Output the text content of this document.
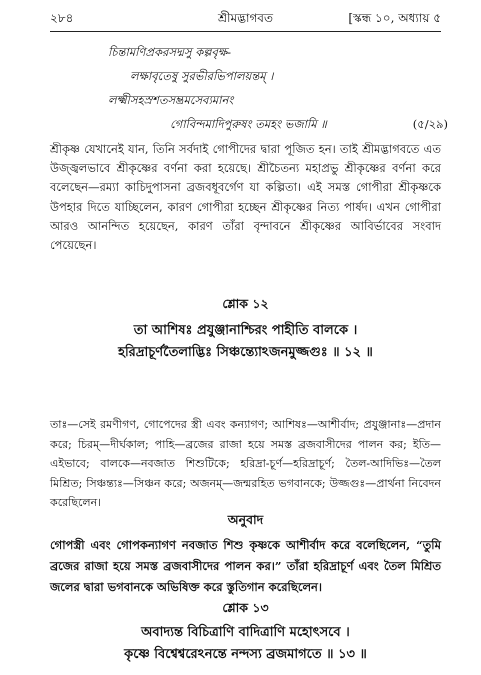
২৮৪	শ্রীমদ্ভাগবত	[স্কন্ধ ১০, অধ্যায় ৫
চিন্তামণিপ্রকরসদ্মসু কল্পবৃক্ষ-
লক্ষাবৃতেষু সুরভীরভিপালয়ন্তম্ ।
লক্ষ্মীসহস্রশতসম্ভ্রমসেব্যমানং
গোবিন্দমাদিপুরুষং তমহং ভজামি ॥	(৫/২৯)

শ্রীকৃষ্ণ যেখানেই যান, তিনি সর্বদাই গোপীদের দ্বারা পূজিত হন। তাই শ্রীমদ্ভাগবতে এত উজ্জ্বলভাবে শ্রীকৃষ্ণের বর্ণনা করা হয়েছে। শ্রীচৈতন্য মহাপ্রভু শ্রীকৃষ্ণের বর্ণনা করে বলেছেন—রম্যা কাচিদুপাসনা ব্রজবধূবর্গেণ যা কল্পিতা। এই সমস্ত গোপীরা শ্রীকৃষ্ণকে উপহার দিতে যাচ্ছিলেন, কারণ গোপীরা হচ্ছেন শ্রীকৃষ্ণের নিত্য পার্ষদ। এখন গোপীরা আরও আনন্দিত হয়েছেন, কারণ তাঁরা বৃন্দাবনে শ্রীকৃষ্ণের আবির্ভাবের সংবাদ পেয়েছেন।

শ্লোক ১২
তা আশিষঃ প্রযুঞ্জানাশ্চিরং পাহীতি বালকে ।
হরিদ্রাচূর্ণতৈলাদ্ভিঃ সিঞ্চন্ত্যোঽজনমুজ্জগুঃ ॥ ১২ ॥
তাঃ—সেই রমণীগণ, গোপেদের স্ত্রী এবং কন্যাগণ; আশিষঃ—আশীর্বাদ; প্রযুঞ্জানাঃ—প্রদান করে; চিরম্—দীর্ঘকাল; পাহি—ব্রজের রাজা হয়ে সমস্ত ব্রজবাসীদের পালন কর; ইতি—এইভাবে; বালকে—নবজাত শিশুটিকে; হরিদ্রা-চূর্ণ—হরিদ্রাচূর্ণ; তৈল-আদিভিঃ—তৈল মিশ্রিত; সিঞ্চন্ত্যঃ—সিঞ্চন করে; অজনম্—জন্মরহিত ভগবানকে; উজ্জগুঃ—প্রার্থনা নিবেদন করেছিলেন।
অনুবাদ
গোপস্ত্রী এবং গোপকন্যাগণ নবজাত শিশু কৃষ্ণকে আশীর্বাদ করে বলেছিলেন, “তুমি ব্রজের রাজা হয়ে সমস্ত ব্রজবাসীদের পালন কর।” তাঁরা হরিদ্রাচূর্ণ এবং তৈল মিশ্রিত জলের দ্বারা ভগবানকে অভিষিক্ত করে স্তুতিগান করেছিলেন।
শ্লোক ১৩
অবাদ্যন্ত বিচিত্রাণি বাদিত্রাণি মহোৎসবে ।
কৃষ্ণে বিশ্বেশ্বরেঽনন্তে নন্দস্য ব্রজমাগতে ॥ ১৩ ॥
